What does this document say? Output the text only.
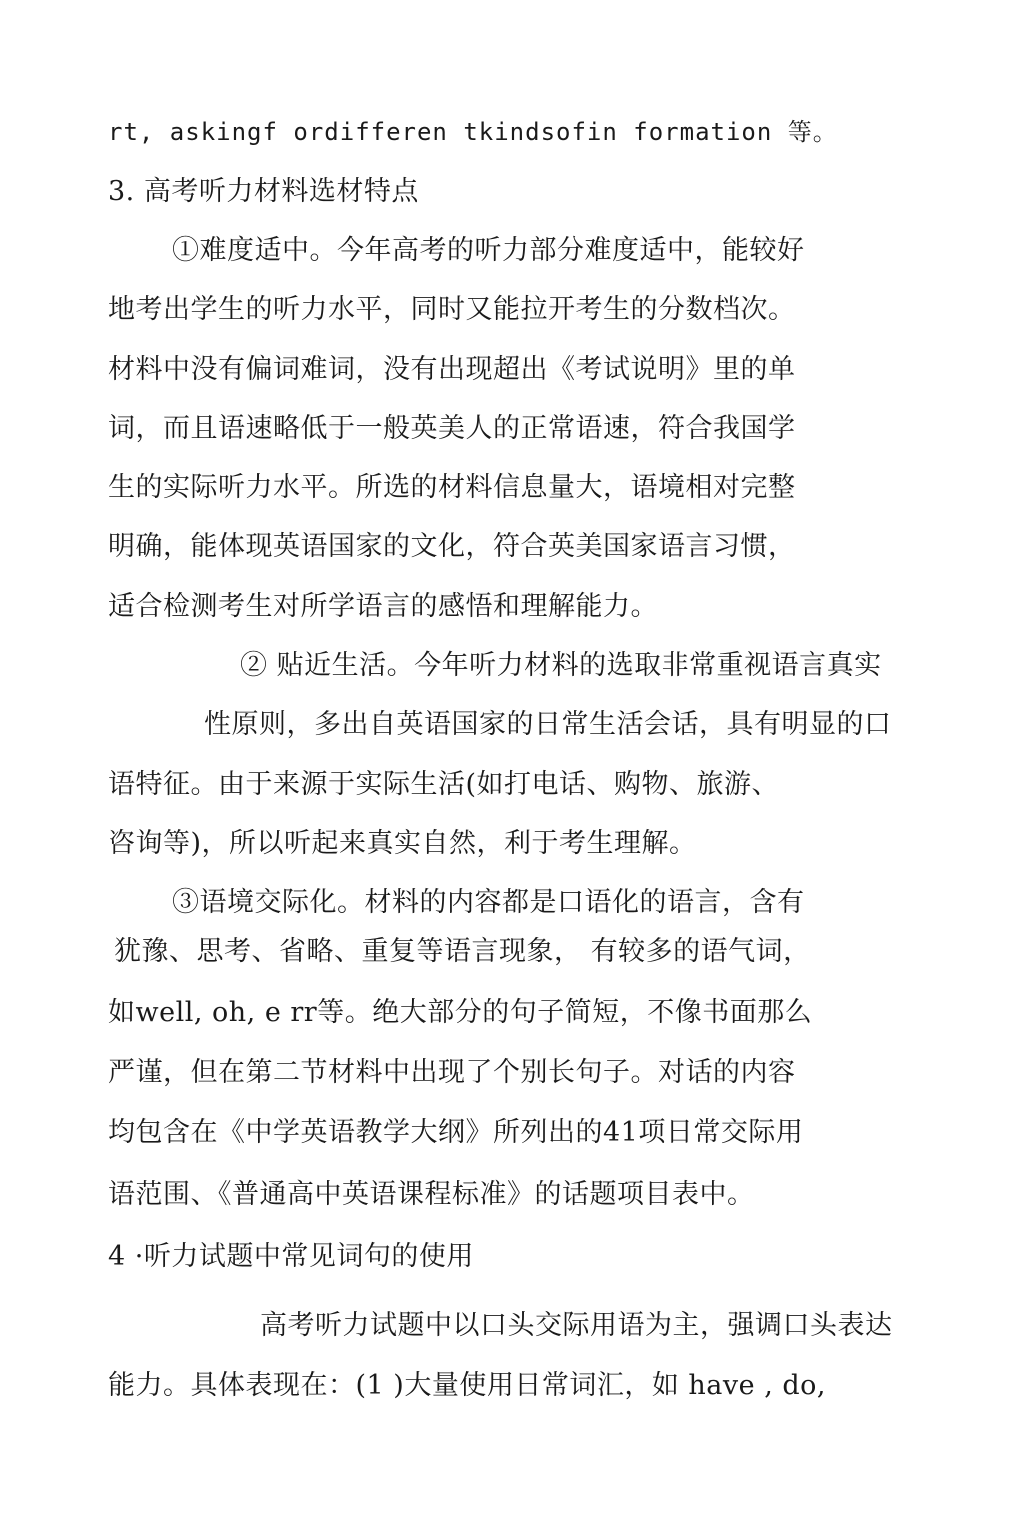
rt, askingf ordifferen tkindsofin formation 等。
3. 高考听力材料选材特点
①难度适中。今年高考的听力部分难度适中，能较好
地考出学生的听力水平，同时又能拉开考生的分数档次。
材料中没有偏词难词，没有出现超出《考试说明》里的单
词，而且语速略低于一般英美人的正常语速，符合我国学
生的实际听力水平。所选的材料信息量大，语境相对完整
明确，能体现英语国家的文化，符合英美国家语言习惯，
适合检测考生对所学语言的感悟和理解能力。
② 贴近生活。今年听力材料的选取非常重视语言真实
性原则，多出自英语国家的日常生活会话，具有明显的口
语特征。由于来源于实际生活(如打电话、购物、旅游、
咨询等)，所以听起来真实自然，利于考生理解。
③语境交际化。材料的内容都是口语化的语言，含有
犹豫、思考、省略、重复等语言现象， 有较多的语气词，
如well, oh, e rr等。绝大部分的句子简短，不像书面那么
严谨，但在第二节材料中出现了个别长句子。对话的内容
均包含在《中学英语教学大纲》所列出的41项日常交际用
语范围、《普通高中英语课程标准》的话题项目表中。
4 ·听力试题中常见词句的使用
高考听力试题中以口头交际用语为主，强调口头表达
能力。具体表现在：(1 )大量使用日常词汇，如 have , do,
